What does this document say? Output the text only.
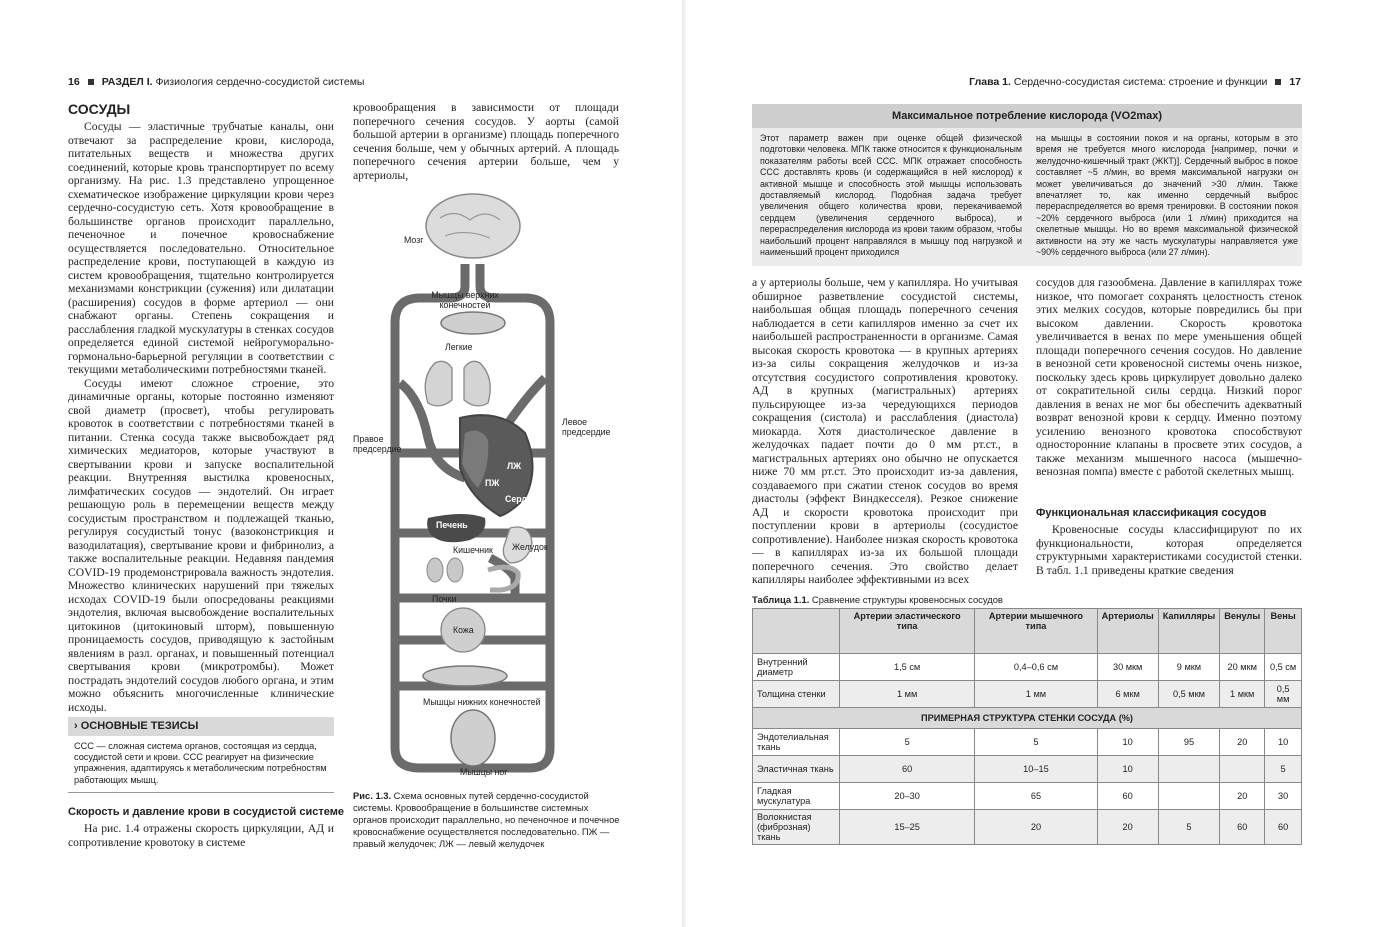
16 РАЗДЕЛ I. Физиология сердечно-сосудистой системы	Глава 1. Сердечно-сосудистая система: строение и функции 17
СОСУДЫ

Сосуды — эластичные трубчатые каналы, они отвечают за распределение крови, кислорода, питательных веществ и множества других соединений, которые кровь транспортирует по всему организму. На рис. 1.3 представлено упрощенное схематическое изображение циркуляции крови через сердечно-сосудистую сеть. Хотя кровообращение в большинстве органов происходит параллельно, печеночное и почечное кровоснабжение осуществляется последовательно. Относительное распределение крови, поступающей в каждую из систем кровообращения, тщательно контролируется механизмами констрикции (сужения) или дилатации (расширения) сосудов в форме артериол — они снабжают органы. Степень сокращения и расслабления гладкой мускулатуры в стенках сосудов определяется единой системой нейрогуморально-гормонально-барьерной регуляции в соответствии с текущими метаболическими потребностями тканей.

Сосуды имеют сложное строение, это динамичные органы, которые постоянно изменяют свой диаметр (просвет), чтобы регулировать кровоток в соответствии с потребностями тканей в питании. Стенка сосуда также высвобождает ряд химических медиаторов, которые участвуют в свертывании крови и запуске воспалительной реакции. Внутренняя выстилка кровеносных, лимфатических сосудов — эндотелий. Он играет решающую роль в перемещении веществ между сосудистым пространством и подлежащей тканью, регулируя сосудистый тонус (вазоконстрикция и вазодилатация), свертывание крови и фибринолиз, а также воспалительные реакции. Недавняя пандемия COVID-19 продемонстрировала важность эндотелия. Множество клинических нарушений при тяжелых исходах COVID-19 были опосредованы реакциями эндотелия, включая высвобождение воспалительных цитокинов (цитокиновый шторм), повышенную проницаемость сосудов, приводящую к застойным явлениям в разл. органах, и повышенный потенциал свертывания крови (микротромбы). Может пострадать эндотелий сосудов любого органа, и этим можно объяснить многочисленные клинические исходы.

› ОСНОВНЫЕ ТЕЗИСЫ
ССС — сложная система органов, состоящая из сердца, сосудистой сети и крови. ССС реагирует на физические упражнения, адаптируясь к метаболическим потребностям работающих мышц.
Скорость и давление крови в сосудистой системе

На рис. 1.4 отражены скорость циркуляции, АД и сопротивление кровотоку в системе

кровообращения в зависимости от площади поперечного сечения сосудов. У аорты (самой большой артерии в организме) площадь поперечного сечения больше, чем у обычных артерий. А площадь поперечного сечения артерии больше, чем у артериолы,

Мозг
Мышцы верхних конечностей
Легкие
Левое предсердие
Правое предсердие
ЛЖ
ПЖ
Сердце
Печень
Желудок
Кишечник
Почки
Кожа
Мышцы нижних конечностей
Мышцы ног
Рис. 1.3. Схема основных путей сердечно-сосудистой системы. Кровообращение в большинстве системных органов происходит параллельно, но печеночное и почечное кровоснабжение осуществляется последовательно. ПЖ — правый желудочек; ЛЖ — левый желудочек
Максимальное потребление кислорода (VO2max)
Этот параметр важен при оценке общей физической подготовки человека. МПК также относится к функциональным показателям работы всей ССС. МПК отражает способность ССС доставлять кровь (и содержащийся в ней кислород) к активной мышце и способность этой мышцы использовать доставляемый кислород. Подобная задача требует увеличения общего количества крови, перекачиваемой сердцем (увеличения сердечного выброса), и перераспределения кислорода из крови таким образом, чтобы наибольший процент направлялся в мышцу под нагрузкой и наименьший процент приходился
на мышцы в состоянии покоя и на органы, которым в это время не требуется много кислорода [например, почки и желудочно-кишечный тракт (ЖКТ)]. Сердечный выброс в покое составляет ~5 л/мин, во время максимальной нагрузки он может увеличиваться до значений >30 л/мин. Также впечатляет то, как именно сердечный выброс перераспределяется во время тренировки. В состоянии покоя ~20% сердечного выброса (или 1 л/мин) приходится на скелетные мышцы. Но во время максимальной физической активности на эту же часть мускулатуры направляется уже ~90% сердечного выброса (или 27 л/мин).

а у артериолы больше, чем у капилляра. Но учитывая обширное разветвление сосудистой системы, наибольшая общая площадь поперечного сечения наблюдается в сети капилляров именно за счет их наибольшей распространенности в организме. Самая высокая скорость кровотока — в крупных артериях из-за силы сокращения желудочков и из-за отсутствия сосудистого сопротивления кровотоку. АД в крупных (магистральных) артериях пульсирующее из-за чередующихся периодов сокращения (систола) и расслабления (диастола) миокарда. Хотя диастолическое давление в желудочках падает почти до 0 мм рт.ст., в магистральных артериях оно обычно не опускается ниже 70 мм рт.ст. Это происходит из-за давления, создаваемого при сжатии стенок сосудов во время диастолы (эффект Виндкесселя). Резкое снижение АД и скорости кровотока происходит при поступлении крови в артериолы (сосудистое сопротивление). Наиболее низкая скорость кровотока — в капиллярах из-за их большой площади поперечного сечения. Это свойство делает капилляры наиболее эффективными из всех

сосудов для газообмена. Давление в капиллярах тоже низкое, что помогает сохранять целостность стенок этих мелких сосудов, которые повредились бы при высоком давлении. Скорость кровотока увеличивается в венах по мере уменьшения общей площади поперечного сечения сосудов. Но давление в венозной сети кровеносной системы очень низкое, поскольку здесь кровь циркулирует довольно далеко от сократительной силы сердца. Низкий порог давления в венах не мог бы обеспечить адекватный возврат венозной крови к сердцу. Именно поэтому усилению венозного кровотока способствуют односторонние клапаны в просвете этих сосудов, а также механизм мышечного насоса (мышечно-венозная помпа) вместе с работой скелетных мышц.

Функциональная классификация сосудов

Кровеносные сосуды классифицируют по их функциональности, которая определяется структурными характеристиками сосудистой стенки. В табл. 1.1 приведены краткие сведения

Таблица 1.1. Сравнение структуры кровеносных сосудов
	Артерии эластического типа	Артерии мышечного типа	Артериолы	Капилляры	Венулы	Вены
Внутренний диаметр	1,5 см	0,4–0,6 см	30 мкм	9 мкм	20 мкм	0,5 см
Толщина стенки	1 мм	1 мм	6 мкм	0,5 мкм	1 мкм	0,5 мм
ПРИМЕРНАЯ СТРУКТУРА СТЕНКИ СОСУДА (%)						
Эндотелиальная ткань	5	5	10	95	20	10
Эластичная ткань	60	10–15	10			5
Гладкая мускулатура	20–30	65	60		20	30
Волокнистая (фиброзная) ткань	15–25	20	20	5	60	60
